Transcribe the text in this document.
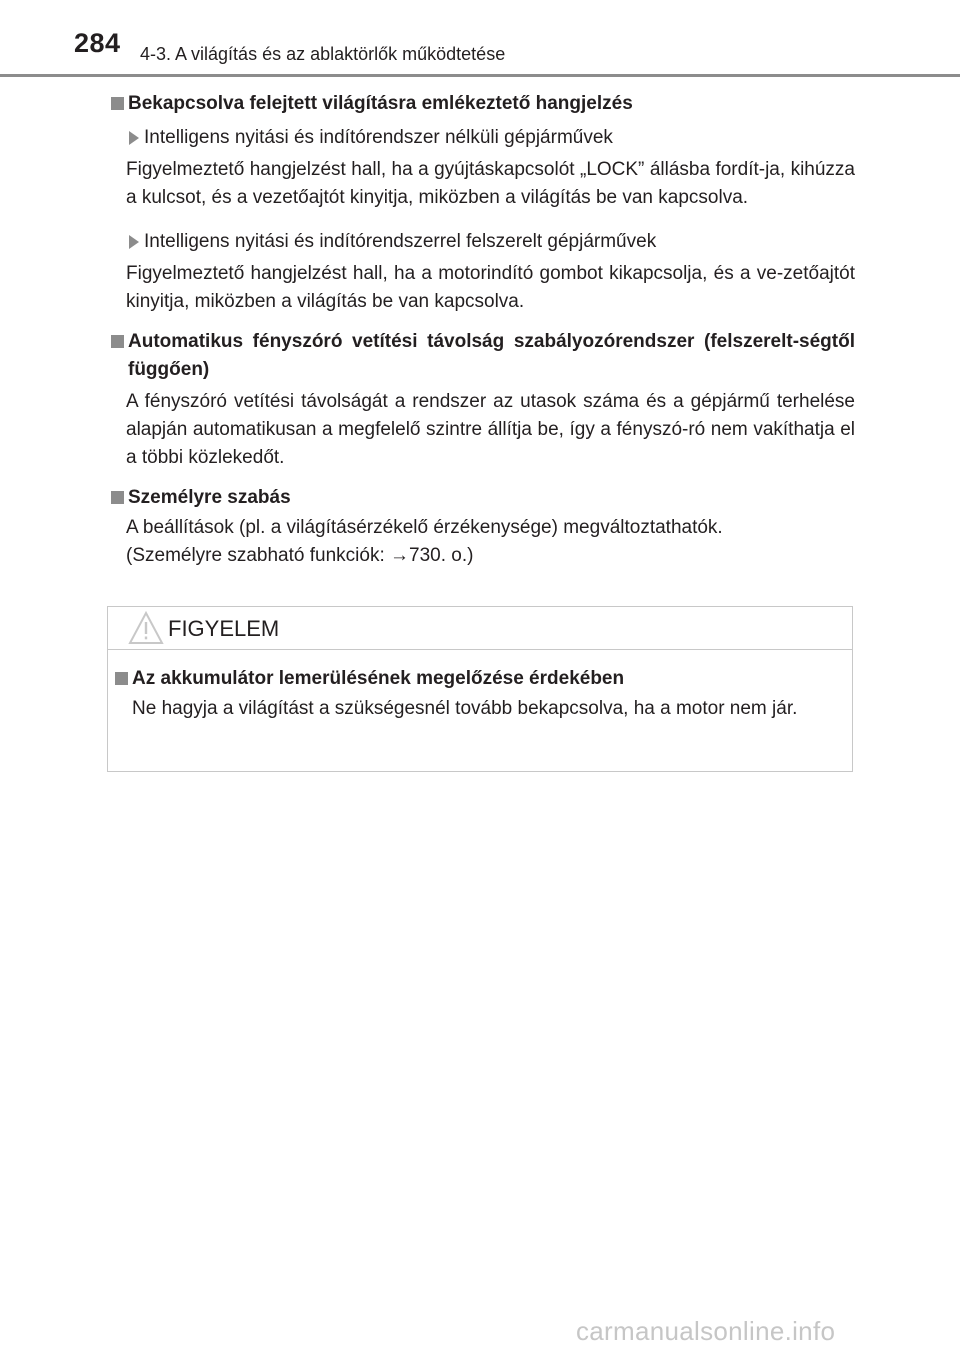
284 4-3. A világítás és az ablaktörlők működtetése
Bekapcsolva felejtett világításra emlékeztető hangjelzés
Intelligens nyitási és indítórendszer nélküli gépjárművek

Figyelmeztető hangjelzést hall, ha a gyújtáskapcsolót „LOCK” állásba fordít-ja, kihúzza a kulcsot, és a vezetőajtót kinyitja, miközben a világítás be van kapcsolva.

Intelligens nyitási és indítórendszerrel felszerelt gépjárművek

Figyelmeztető hangjelzést hall, ha a motorindító gombot kikapcsolja, és a ve-zetőajtót kinyitja, miközben a világítás be van kapcsolva.

Automatikus fényszóró vetítési távolság szabályozórendszer (felszerelt-ségtől függően)

A fényszóró vetítési távolságát a rendszer az utasok száma és a gépjármű terhelése alapján automatikusan a megfelelő szintre állítja be, így a fényszó-ró nem vakíthatja el a többi közlekedőt.

Személyre szabás

A beállítások (pl. a világításérzékelő érzékenysége) megváltoztathatók.

(Személyre szabható funkciók: →730. o.)

FIGYELEM
Az akkumulátor lemerülésének megelőzése érdekében

Ne hagyja a világítást a szükségesnél tovább bekapcsolva, ha a motor nem jár.

carmanualsonline.info
